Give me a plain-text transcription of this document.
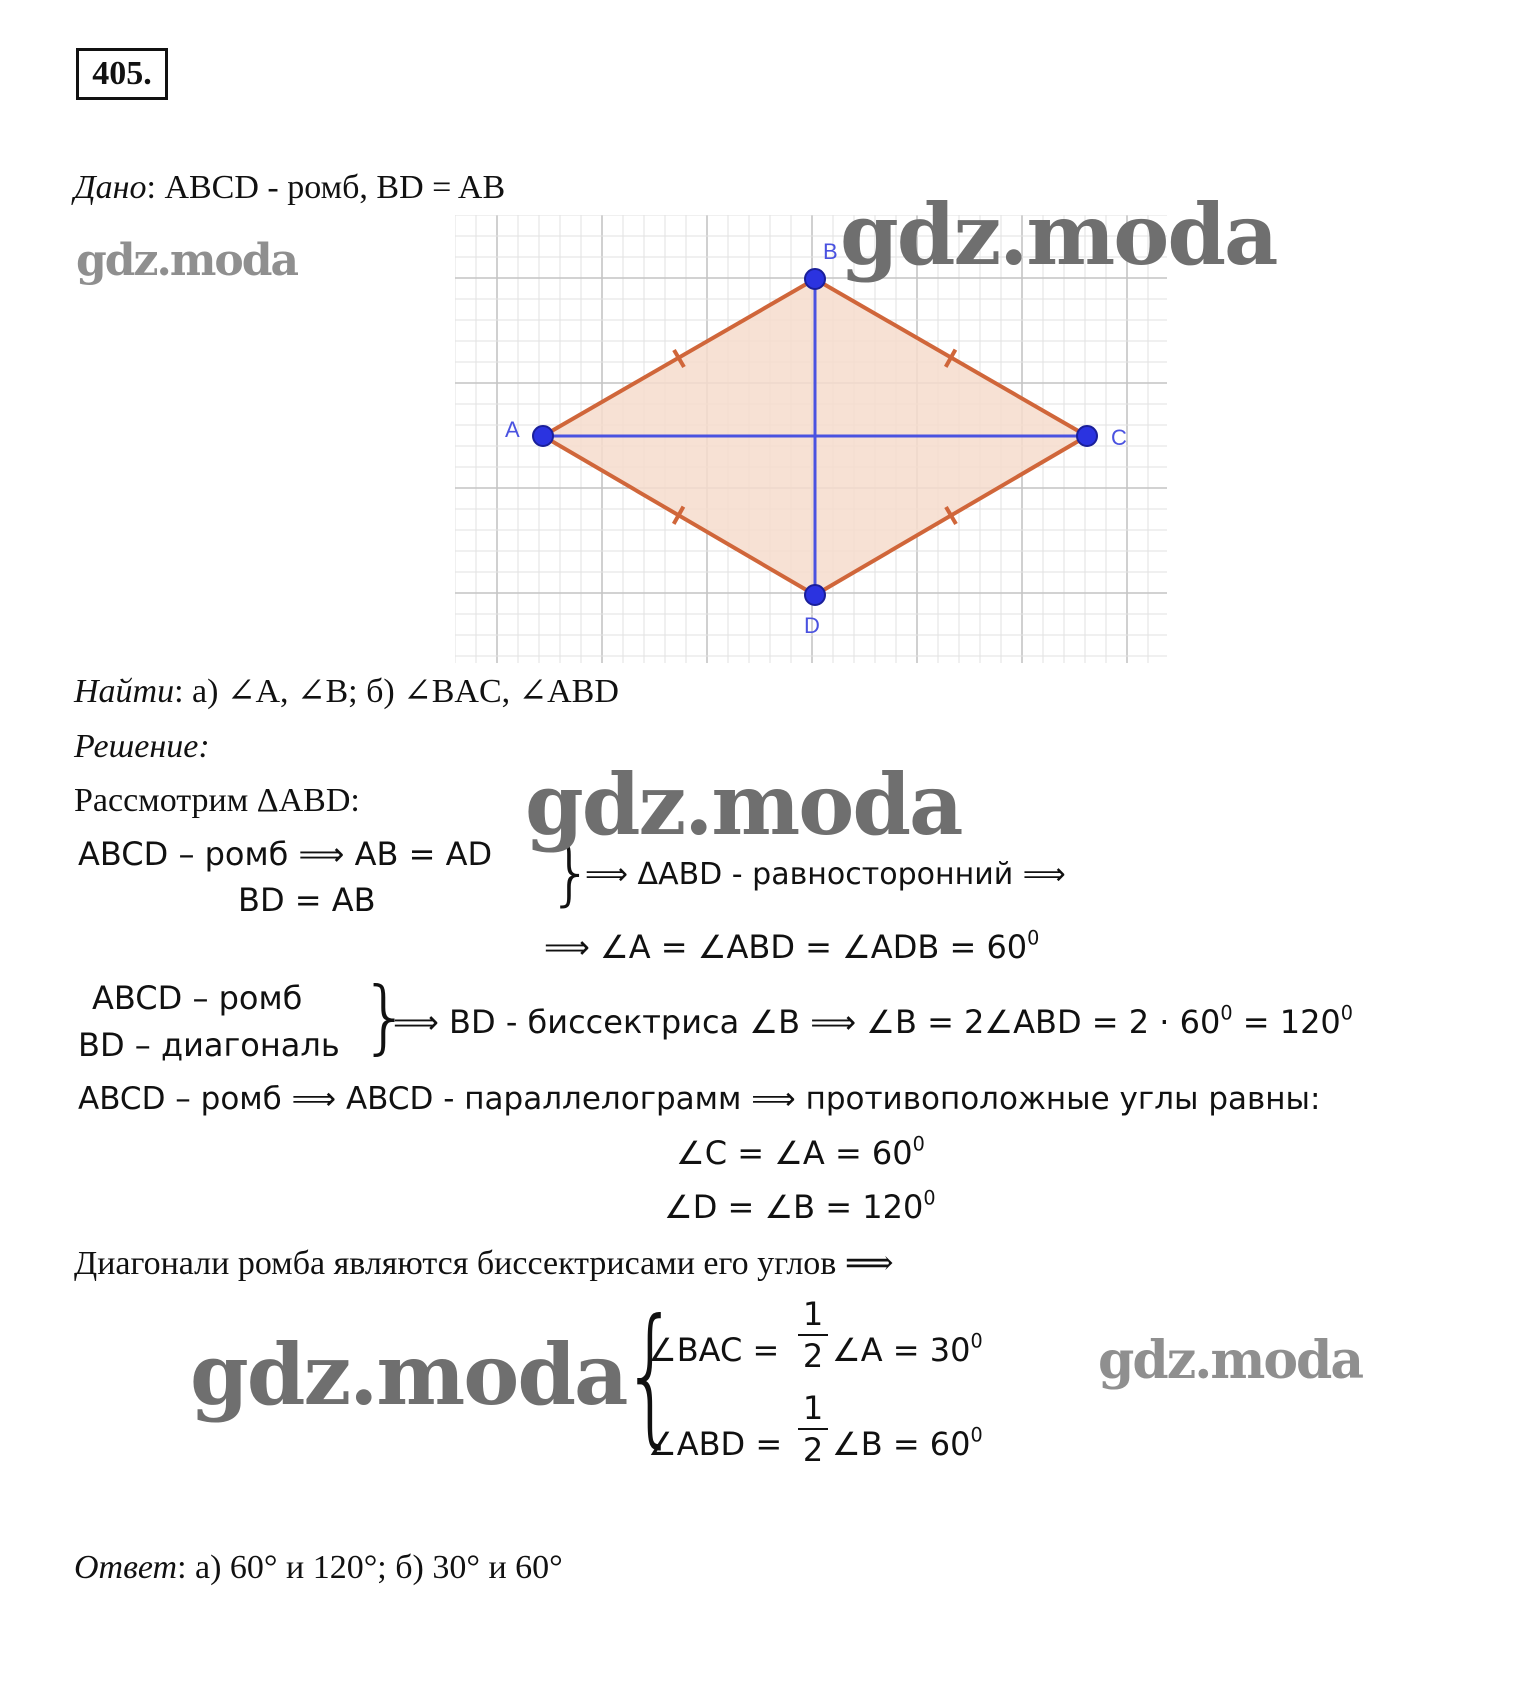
405.
Дано: ABCD - ромб, BD = AB
A
B
C
D
Найти: а) ∠A, ∠B; б) ∠BAC, ∠ABD
Решение:
Рассмотрим ΔABD:
ABCD – ромб ⟹ AB = AD
BD = AB }
⟹ ΔABD - равносторонний ⟹
⟹ ∠A = ∠ABD = ∠ADB = $60^0$
ABCD – ромб
BD – диагональ }
⟹ BD - биссектриса ∠B ⟹ ∠B = 2∠ABD = $2 \cdot 60^0 = 120^0$
ABCD – ромб ⟹ ABCD - параллелограмм ⟹ противоположные углы равны:
∠C = ∠A = $60^0$
∠D = ∠B = $120^0$
Диагонали ромба являются биссектрисами его углов ⟹
{
∠BAC =
1
2 ∠A = $30^0$
∠ABD =
1
2 ∠B = $60^0$
Ответ: а) 60° и 120°; б) 30° и 60°
gdz.moda	gdz.moda
gdz.moda
gdz.moda	gdz.moda
